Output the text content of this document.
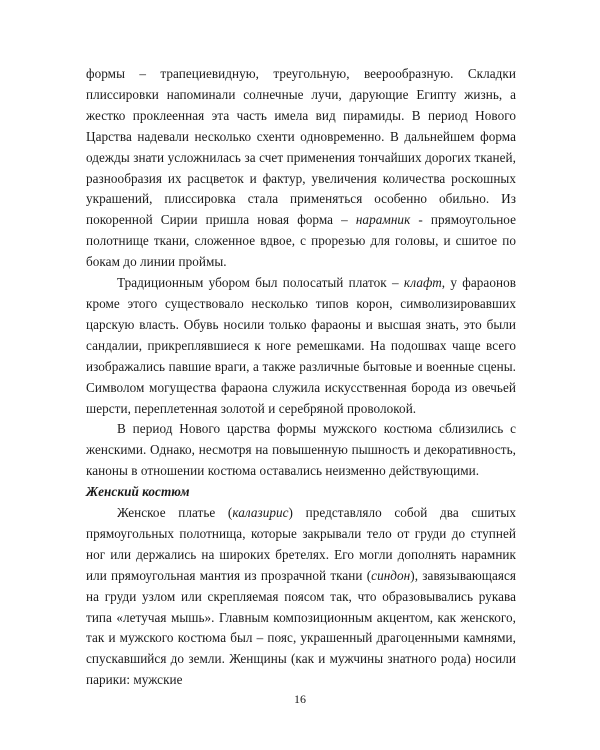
формы – трапециевидную, треугольную, веерообразную. Складки плиссировки напоминали солнечные лучи, дарующие Египту жизнь, а жестко проклеенная эта часть имела вид пирамиды. В период Нового Царства надевали несколько схенти одновременно. В дальнейшем форма одежды знати усложнилась за счет применения тончайших дорогих тканей, разнообразия их расцветок и фактур, увеличения количества роскошных украшений, плиссировка стала применяться особенно обильно. Из покоренной Сирии пришла новая форма – нарамник - прямоугольное полотнище ткани, сложенное вдвое, с прорезью для головы, и сшитое по бокам до линии проймы.

Традиционным убором был полосатый платок – клафт, у фараонов кроме этого существовало несколько типов корон, символизировавших царскую власть. Обувь носили только фараоны и высшая знать, это были сандалии, прикреплявшиеся к ноге ремешками. На подошвах чаще всего изображались павшие враги, а также различные бытовые и военные сцены. Символом могущества фараона служила искусственная борода из овечьей шерсти, переплетенная золотой и серебряной проволокой.

В период Нового царства формы мужского костюма сблизились с женскими. Однако, несмотря на повышенную пышность и декоративность, каноны в отношении костюма оставались неизменно действующими.

Женский костюм

Женское платье (калазирис) представляло собой два сшитых прямоугольных полотнища, которые закрывали тело от груди до ступней ног или держались на широких бретелях. Его могли дополнять нарамник или прямоугольная мантия из прозрачной ткани (синдон), завязывающаяся на груди узлом или скрепляемая поясом так, что образовывались рукава типа «летучая мышь». Главным композиционным акцентом, как женского, так и мужского костюма был – пояс, украшенный драгоценными камнями, спускавшийся до земли. Женщины (как и мужчины знатного рода) носили парики: мужские

16
